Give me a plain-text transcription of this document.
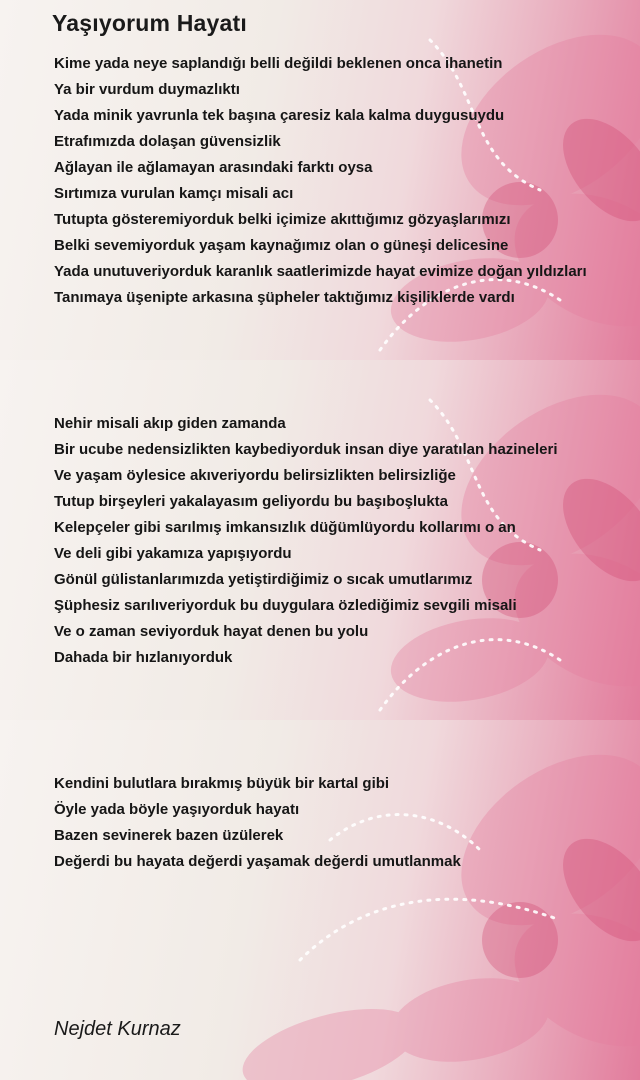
Yaşıyorum Hayatı
Kime yada neye saplandığı belli değildi beklenen onca ihanetin
Ya bir vurdum duymazlıktı
Yada minik yavrunla tek başına çaresiz kala kalma duygusuydu
Etrafımızda dolaşan güvensizlik
Ağlayan ile ağlamayan arasındaki farktı oysa
Sırtımıza vurulan kamçı misali acı
Tutupta gösteremiyorduk belki içimize akıttığımız gözyaşlarımızı
Belki sevemiyorduk yaşam kaynağımız olan o güneşi delicesine
Yada unutuveriyorduk karanlık saatlerimizde hayat evimize doğan yıldızları
Tanımaya üşenipte arkasına şüpheler taktığımız kişiliklerde vardı
Nehir misali akıp giden zamanda
Bir ucube nedensizlikten kaybediyorduk insan diye yaratılan hazineleri
Ve yaşam öylesice akıveriyordu belirsizlikten belirsizliğe
Tutup birşeyleri yakalayasım geliyordu bu başıboşlukta
Kelepçeler gibi sarılmış imkansızlık düğümlüyordu kollarımı o an
Ve deli gibi yakamıza yapışıyordu
Gönül gülistanlarımızda yetiştirdiğimiz o sıcak umutlarımız
Şüphesiz sarılıveriyorduk bu duygulara özlediğimiz sevgili misali
Ve o zaman seviyorduk hayat denen bu yolu
Dahada bir hızlanıyorduk
Kendini bulutlara bırakmış büyük bir kartal gibi
Öyle yada böyle yaşıyorduk hayatı
Bazen sevinerek bazen üzülerek
Değerdi bu hayata değerdi yaşamak değerdi umutlanmak
Nejdet Kurnaz
